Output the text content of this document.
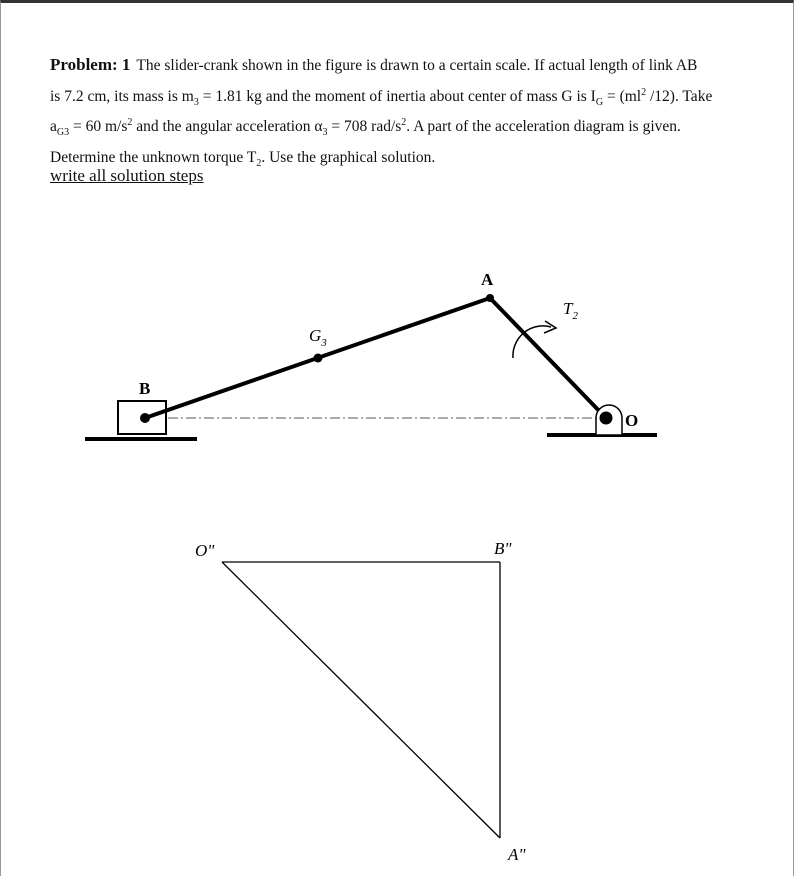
Problem: 1 The slider-crank shown in the figure is drawn to a certain scale. If actual length of link AB

is 7.2 cm, its mass is $m_3 = 1.81$ kg and the moment of inertia about center of mass G is $I_G = (ml^2$ /12). Take

$a_{G3} = 60$ $m/s^2$ and the angular acceleration $\alpha_3 = 708$ rad/$s^2$. A part of the acceleration diagram is given.

Determine the unknown torque $T_2$. Use the graphical solution.

write all solution steps
A
B
O
$G_3$
$T_2$
O"	B"
A"
